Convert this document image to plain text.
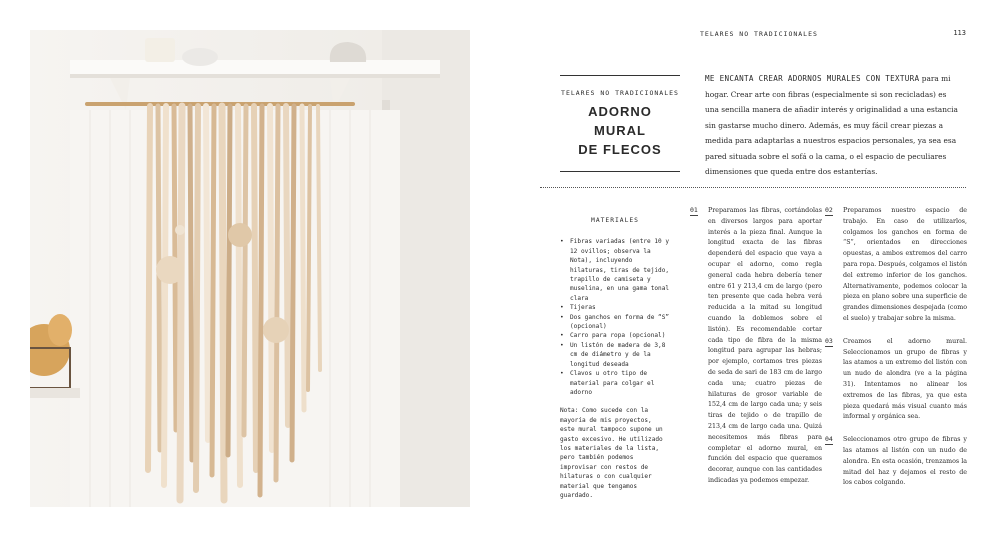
TELARES NO TRADICIONALES	113
TELARES NO TRADICIONALES
ADORNO MURAL
DE FLECOS
ME ENCANTA CREAR ADORNOS MURALES CON TEXTURA para mi hogar. Crear arte con fibras (especialmente si son recicladas) es una sencilla manera de añadir interés y originalidad a una estancia sin gastarse mucho dinero. Además, es muy fácil crear piezas a medida para adaptarlas a nuestros espacios personales, ya sea esa pared situada sobre el sofá o la cama, o el espacio de peculiares dimensiones que queda entre dos estanterías.
MATERIALES
• Fibras variadas (entre 10 y 12 ovillos; observa la Nota), incluyendo hilaturas, tiras de tejido, trapillo de camiseta y muselina, en una gama tonal clara
• Tijeras
• Dos ganchos en forma de “S” (opcional)
• Carro para ropa (opcional)
• Un listón de madera de 3,8 cm de diámetro y de la longitud deseada
• Clavos u otro tipo de material para colgar el adorno
Nota: Como sucede con la mayoría de mis proyectos, este mural tampoco supone un gasto excesivo. He utilizado los materiales de la lista, pero también podemos improvisar con restos de hilaturas o con cualquier material que tengamos guardado.
01 Preparamos las fibras, cortándolas en diversos largos para aportar interés a la pieza final. Aunque la longitud exacta de las fibras dependerá del espacio que vaya a ocupar el adorno, como regla general cada hebra debería tener entre 61 y 213,4 cm de largo (pero ten presente que cada hebra verá reducida a la mitad su longitud cuando la doblemos sobre el listón). Es recomendable cortar cada tipo de fibra de la misma longitud para agrupar las hebras; por ejemplo, cortamos tres piezas de seda de sari de 183 cm de largo cada una; cuatro piezas de hilaturas de grosor variable de 152,4 cm de largo cada una; y seis tiras de tejido o de trapillo de 213,4 cm de largo cada una. Quizá necesitemos más fibras para completar el adorno mural, en función del espacio que queramos decorar, aunque con las cantidades indicadas ya podemos empezar.
02 Preparamos nuestro espacio de trabajo. En caso de utilizarlos, colgamos los ganchos en forma de “S”, orientados en direcciones opuestas, a ambos extremos del carro para ropa. Después, colgamos el listón del extremo inferior de los ganchos. Alternativamente, podemos colocar la pieza en plano sobre una superficie de grandes dimensiones despejada (como el suelo) y trabajar sobre la misma.
03 Creamos el adorno mural. Seleccionamos un grupo de fibras y las atamos a un extremo del listón con un nudo de alondra (ve a la página 31). Intentamos no alinear los extremos de las fibras, ya que esta pieza quedará más visual cuanto más informal y orgánica sea.
04 Seleccionamos otro grupo de fibras y las atamos al listón con un nudo de alondra. En esta ocasión, trenzamos la mitad del haz y dejamos el resto de los cabos colgando.
